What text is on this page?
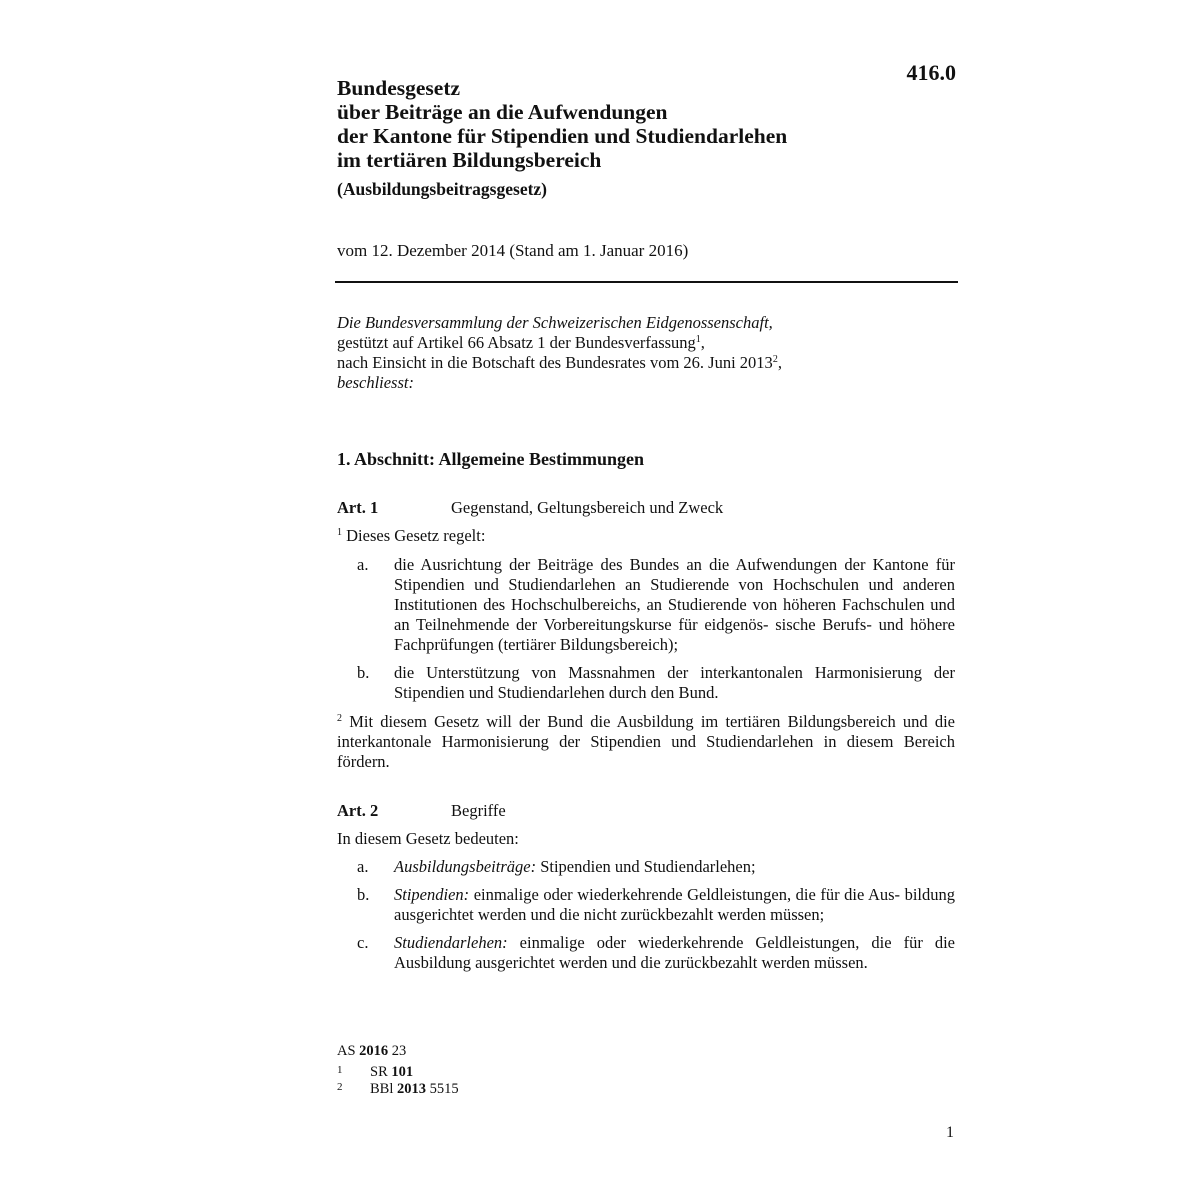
416.0
Bundesgesetz
über Beiträge an die Aufwendungen
der Kantone für Stipendien und Studiendarlehen
im tertiären Bildungsbereich
(Ausbildungsbeitragsgesetz)
vom 12. Dezember 2014 (Stand am 1. Januar 2016)
Die Bundesversammlung der Schweizerischen Eidgenossenschaft,
gestützt auf Artikel 66 Absatz 1 der Bundesverfassung$^1$,
nach Einsicht in die Botschaft des Bundesrates vom 26. Juni 2013$^2$,
beschliesst:
1. Abschnitt: Allgemeine Bestimmungen
Art. 1	Gegenstand, Geltungsbereich und Zweck
$^1$ Dieses Gesetz regelt:
a.	die Ausrichtung der Beiträge des Bundes an die Aufwendungen der Kantone für Stipendien und Studiendarlehen an Studierende von Hochschulen und anderen Institutionen des Hochschulbereichs, an Studierende von höheren Fachschulen und an Teilnehmende der Vorbereitungskurse für eidgenös- sische Berufs- und höhere Fachprüfungen (tertiärer Bildungsbereich);
b.	die Unterstützung von Massnahmen der interkantonalen Harmonisierung der Stipendien und Studiendarlehen durch den Bund.
$^2$ Mit diesem Gesetz will der Bund die Ausbildung im tertiären Bildungsbereich und die interkantonale Harmonisierung der Stipendien und Studiendarlehen in diesem Bereich fördern.
Art. 2	Begriffe
In diesem Gesetz bedeuten:
a.	Ausbildungsbeiträge: Stipendien und Studiendarlehen;
b.	Stipendien: einmalige oder wiederkehrende Geldleistungen, die für die Aus- bildung ausgerichtet werden und die nicht zurückbezahlt werden müssen;
c.	Studiendarlehen: einmalige oder wiederkehrende Geldleistungen, die für die Ausbildung ausgerichtet werden und die zurückbezahlt werden müssen.
AS 2016 23
1 SR 101
2 BBl 2013 5515
1
